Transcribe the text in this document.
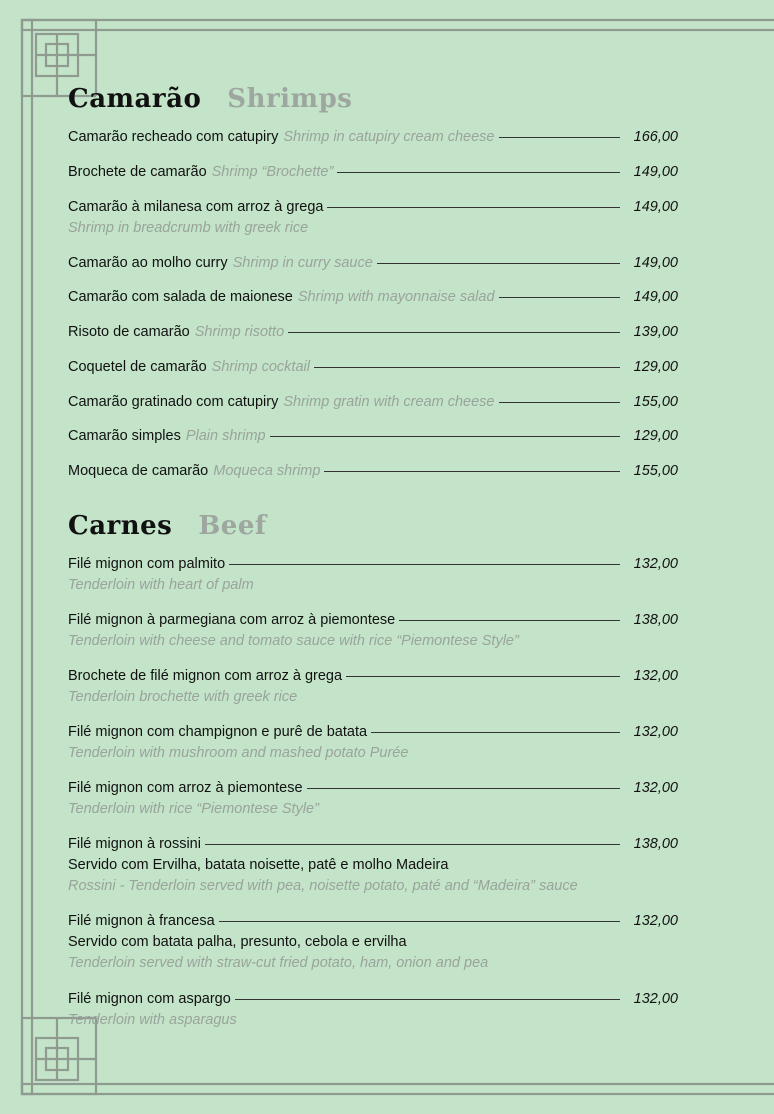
Camarão Shrimps
Camarão recheado com catupiry Shrimp in catupiry cream cheese	166,00
Brochete de camarão Shrimp “Brochette”	149,00
Camarão à milanesa com arroz à grega	149,00
Shrimp in breadcrumb with greek rice
Camarão ao molho curry Shrimp in curry sauce	149,00
Camarão com salada de maionese Shrimp with mayonnaise salad	149,00
Risoto de camarão Shrimp risotto	139,00
Coquetel de camarão Shrimp cocktail	129,00
Camarão gratinado com catupiry Shrimp gratin with cream cheese	155,00
Camarão simples Plain shrimp	129,00
Moqueca de camarão Moqueca shrimp	155,00
Carnes Beef
Filé mignon com palmito	132,00
Tenderloin with heart of palm
Filé mignon à parmegiana com arroz à piemontese	138,00
Tenderloin with cheese and tomato sauce with rice “Piemontese Style”
Brochete de filé mignon com arroz à grega	132,00
Tenderloin brochette with greek rice
Filé mignon com champignon e purê de batata	132,00
Tenderloin with mushroom and mashed potato Purée
Filé mignon com arroz à piemontese	132,00
Tenderloin with rice “Piemontese Style”
Filé mignon à rossini	138,00
Servido com Ervilha, batata noisette, patê e molho Madeira
Rossini - Tenderloin served with pea, noisette potato, paté and “Madeira” sauce
Filé mignon à francesa	132,00
Servido com batata palha, presunto, cebola e ervilha
Tenderloin served with straw-cut fried potato, ham, onion and pea
Filé mignon com aspargo	132,00
Tenderloin with asparagus
